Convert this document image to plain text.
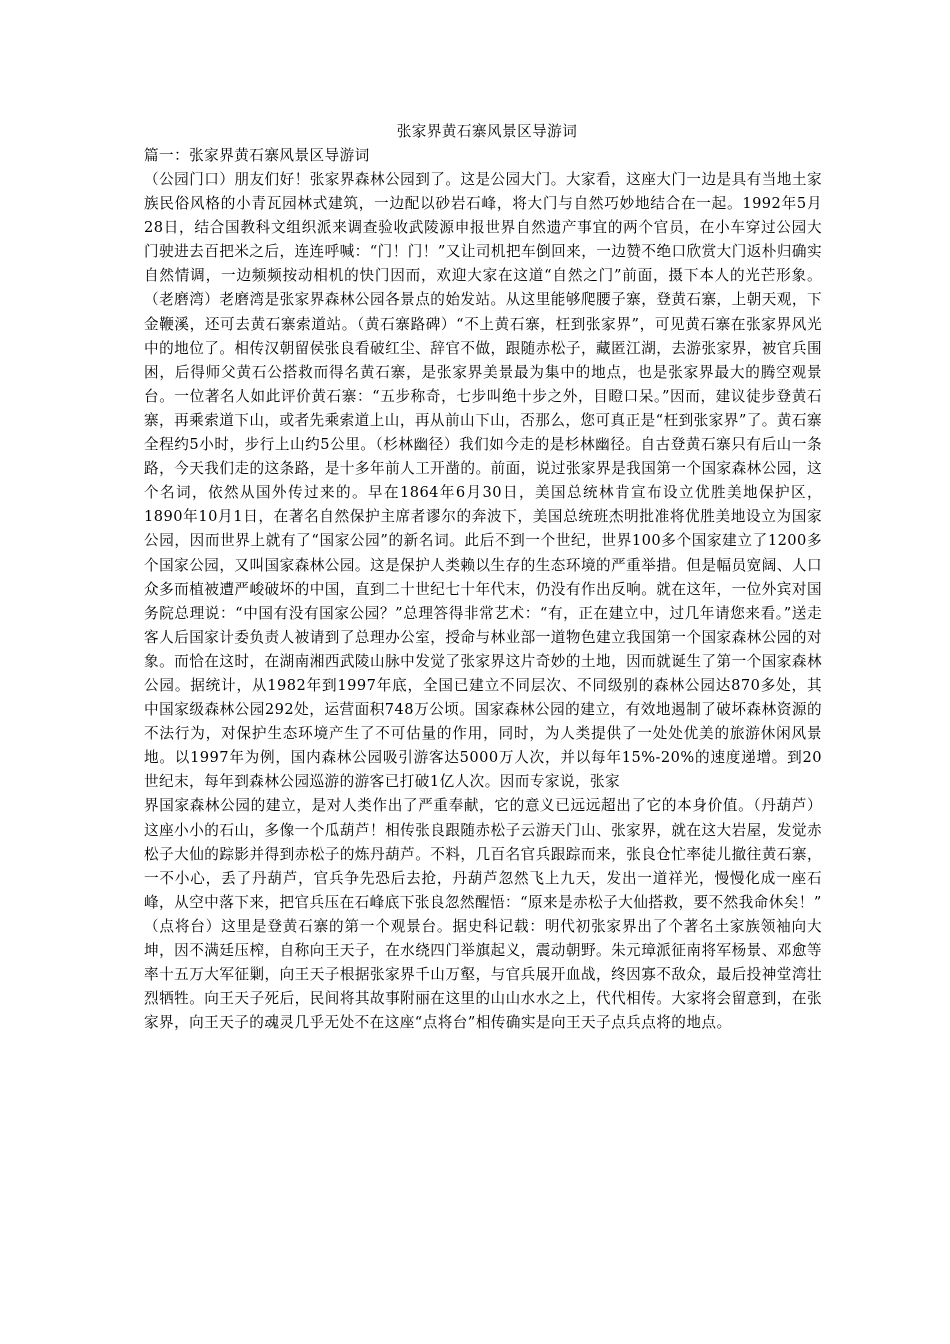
张家界黄石寨风景区导游词

篇一：张家界黄石寨风景区导游词

（公园门口）朋友们好！张家界森林公园到了。这是公园大门。大家看，这座大门一边是具有当地土家族民俗风格的小青瓦园林式建筑，一边配以砂岩石峰，将大门与自然巧妙地结合在一起。1992年5月28日，结合国教科文组织派来调查验收武陵源申报世界自然遗产事宜的两个官员，在小车穿过公园大门驶进去百把米之后，连连呼喊：“门！门！”又让司机把车倒回来，一边赞不绝口欣赏大门返朴归确实自然情调，一边频频按动相机的快门因而，欢迎大家在这道“自然之门”前面，摄下本人的光芒形象。（老磨湾）老磨湾是张家界森林公园各景点的始发站。从这里能够爬腰子寨，登黄石寨，上朝天观，下金鞭溪，还可去黄石寨索道站。（黄石寨路碑）“不上黄石寨，枉到张家界”，可见黄石寨在张家界风光中的地位了。相传汉朝留侯张良看破红尘、辞官不做，跟随赤松子，藏匿江湖，去游张家界，被官兵围困，后得师父黄石公搭救而得名黄石寨，是张家界美景最为集中的地点，也是张家界最大的腾空观景台。一位著名人如此评价黄石寨：“五步称奇，七步叫绝十步之外，目瞪口呆。”因而，建议徒步登黄石寨，再乘索道下山，或者先乘索道上山，再从前山下山，否那么，您可真正是“枉到张家界”了。黄石寨全程约5小时，步行上山约5公里。（杉林幽径）我们如今走的是杉林幽径。自古登黄石寨只有后山一条路，今天我们走的这条路，是十多年前人工开凿的。前面，说过张家界是我国第一个国家森林公园，这个名词，依然从国外传过来的。早在1864年6月30日，美国总统林肯宣布设立优胜美地保护区，1890年10月1日，在著名自然保护主席者谬尔的奔波下，美国总统班杰明批准将优胜美地设立为国家公园，因而世界上就有了“国家公园”的新名词。此后不到一个世纪，世界100多个国家建立了1200多个国家公园，又叫国家森林公园。这是保护人类赖以生存的生态环境的严重举措。但是幅员宽阔、人口众多而植被遭严峻破坏的中国，直到二十世纪七十年代末，仍没有作出反响。就在这年，一位外宾对国务院总理说：“中国有没有国家公园？”总理答得非常艺术：“有，正在建立中，过几年请您来看。”送走客人后国家计委负责人被请到了总理办公室，授命与林业部一道物色建立我国第一个国家森林公园的对象。而恰在这时，在湖南湘西武陵山脉中发觉了张家界这片奇妙的土地，因而就诞生了第一个国家森林公园。据统计，从1982年到1997年底，全国已建立不同层次、不同级别的森林公园达870多处，其中国家级森林公园292处，运营面积748万公顷。国家森林公园的建立，有效地遏制了破坏森林资源的不法行为，对保护生态环境产生了不可估量的作用，同时，为人类提供了一处处优美的旅游休闲风景地。以1997年为例，国内森林公园吸引游客达5000万人次，并以每年15%-20%的速度递增。到20世纪末，每年到森林公园巡游的游客已打破1亿人次。因而专家说，张家

界国家森林公园的建立，是对人类作出了严重奉献，它的意义已远远超出了它的本身价值。（丹葫芦）这座小小的石山，多像一个瓜葫芦！相传张良跟随赤松子云游天门山、张家界，就在这大岩屋，发觉赤松子大仙的踪影并得到赤松子的炼丹葫芦。不料，几百名官兵跟踪而来，张良仓忙率徒儿撤往黄石寨，一不小心，丢了丹葫芦，官兵争先恐后去抢，丹葫芦忽然飞上九天，发出一道祥光，慢慢化成一座石峰，从空中落下来，把官兵压在石峰底下张良忽然醒悟：“原来是赤松子大仙搭救，要不然我命休矣！”

（点将台）这里是登黄石寨的第一个观景台。据史科记载：明代初张家界出了个著名土家族领袖向大坤，因不满廷压榨，自称向王天子，在水绕四门举旗起义，震动朝野。朱元璋派征南将军杨景、邓愈等率十五万大军征剿，向王天子根据张家界千山万壑，与官兵展开血战，终因寡不敌众，最后投神堂湾壮烈牺牲。向王天子死后，民间将其故事附丽在这里的山山水水之上，代代相传。大家将会留意到，在张家界，向王天子的魂灵几乎无处不在这座“点将台”相传确实是向王天子点兵点将的地点。
